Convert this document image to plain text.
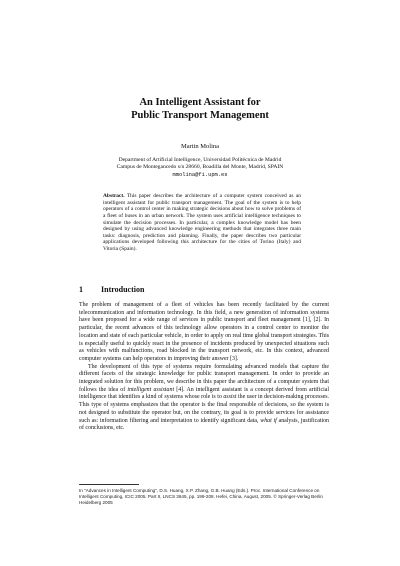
An Intelligent Assistant for
Public Transport Management
Martin Molina
Department of Artificial Intelligence, Universidad Politécnica de Madrid
Campus de Montegancedo s/n 28660, Boadilla del Monte, Madrid, SPAIN
mmolina@fi.upm.es

Abstract. This paper describes the architecture of a computer system conceived as an intelligent assistant for public transport management. The goal of the system is to help operators of a control center in making strategic decisions about how to solve problems of a fleet of buses in an urban network. The system uses artificial intelligence techniques to simulate the decision processes. In particular, a complex knowledge model has been designed by using advanced knowledge engineering methods that integrates three main tasks: diagnosis, prediction and planning. Finally, the paper describes two particular applications developed following this architecture for the cities of Torino (Italy) and Vitoria (Spain).

1 Introduction

The problem of management of a fleet of vehicles has been recently facilitated by the current telecommunication and information technology. In this field, a new generation of information systems have been proposed for a wide range of services in public transport and fleet management [1], [2]. In particular, the recent advances of this technology allow operators in a control center to monitor the location and state of each particular vehicle, in order to apply on real time global transport strategies. This is especially useful to quickly react in the presence of incidents produced by unexpected situations such as vehicles with malfunctions, road blocked in the transport network, etc. In this context, advanced computer systems can help operators in improving their answer [3].

The development of this type of systems require formulating advanced models that capture the different facets of the strategic knowledge for public transport management. In order to provide an integrated solution for this problem, we describe in this paper the architecture of a computer system that follows the idea of intelligent assistant [4]. An intelligent assistant is a concept derived from artificial intelligence that identifies a kind of systems whose role is to assist the user in decision-making processes. This type of systems emphasizes that the operator is the final responsible of decisions, so the system is not designed to substitute the operator but, on the contrary, its goal is to provide services for assistance such as: information filtering and interpretation to identify significant data, what if analysis, justification of conclusions, etc.

In "Advances in Intelligent Computing", D.S. Huang, X.P. Zhang, G.B. Huang (Eds.). Proc. International Conference on Intelligent Computing, ICIC 2005. Part II, LNCS 3645, pp. 199-208. Hefei, China, August, 2005. © Springer-Verlag Berlin Heidelberg 2005
